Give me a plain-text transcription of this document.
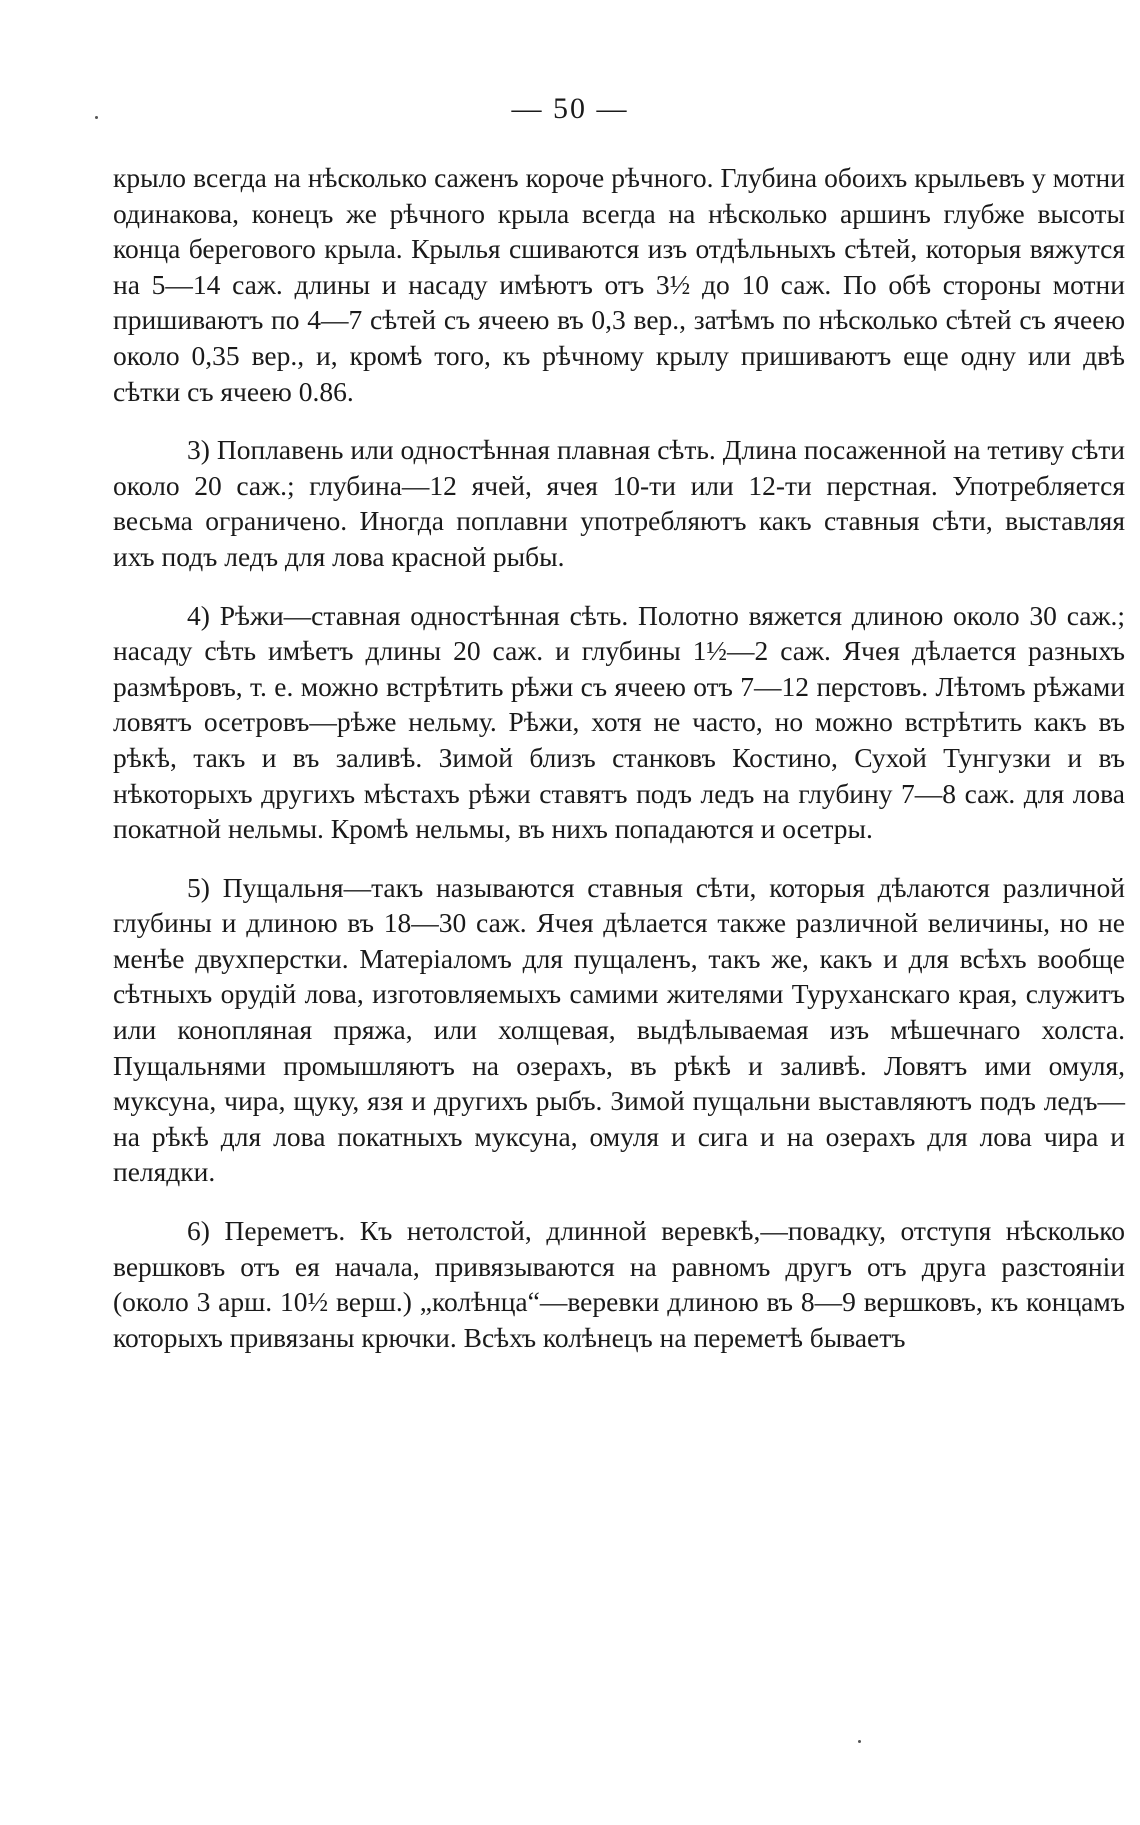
— 50 —

крыло всегда на нѣсколько саженъ короче рѣчного. Глубина обоихъ крыльевъ у мотни одинакова, конецъ же рѣчного крыла всегда на нѣсколько аршинъ глубже высоты конца берегового крыла. Крылья сшиваются изъ отдѣльныхъ сѣтей, которыя вяжутся на 5—14 саж. длины и насаду имѣютъ отъ 3½ до 10 саж. По обѣ стороны мотни пришиваютъ по 4—7 сѣтей съ ячеею въ 0,3 вер., затѣмъ по нѣсколько сѣтей съ ячеею около 0,35 вер., и, кромѣ того, къ рѣчному крылу пришиваютъ еще одну или двѣ сѣтки съ ячеею 0.86.

3) Поплавень или одностѣнная плавная сѣть. Длина посаженной на тетиву сѣти около 20 саж.; глубина—12 ячей, ячея 10-ти или 12-ти перстная. Употребляется весьма ограничено. Иногда поплавни употребляютъ какъ ставныя сѣти, выставляя ихъ подъ ледъ для лова красной рыбы.

4) Рѣжи—ставная одностѣнная сѣть. Полотно вяжется длиною около 30 саж.; насаду сѣть имѣетъ длины 20 саж. и глубины 1½—2 саж. Ячея дѣлается разныхъ размѣровъ, т. е. можно встрѣтить рѣжи съ ячеею отъ 7—12 перстовъ. Лѣтомъ рѣжами ловятъ осетровъ—рѣже нельму. Рѣжи, хотя не часто, но можно встрѣтить какъ въ рѣкѣ, такъ и въ заливѣ. Зимой близъ станковъ Костино, Сухой Тунгузки и въ нѣкоторыхъ другихъ мѣстахъ рѣжи ставятъ подъ ледъ на глубину 7—8 саж. для лова покатной нельмы. Кромѣ нельмы, въ нихъ попадаются и осетры.

5) Пущальня—такъ называются ставныя сѣти, которыя дѣлаются различной глубины и длиною въ 18—30 саж. Ячея дѣлается также различной величины, но не менѣе двухперстки. Матеріаломъ для пущаленъ, такъ же, какъ и для всѣхъ вообще сѣтныхъ орудій лова, изготовляемыхъ самими жителями Туруханскаго края, служитъ или конопляная пряжа, или холщевая, выдѣлываемая изъ мѣшечнаго холста. Пущальнями промышляютъ на озерахъ, въ рѣкѣ и заливѣ. Ловятъ ими омуля, муксуна, чира, щуку, язя и другихъ рыбъ. Зимой пущальни выставляютъ подъ ледъ—на рѣкѣ для лова покатныхъ муксуна, омуля и сига и на озерахъ для лова чира и пелядки.

6) Переметъ. Къ нетолстой, длинной веревкѣ,—повадку, отступя нѣсколько вершковъ отъ ея начала, привязываются на равномъ другъ отъ друга разстояніи (около 3 арш. 10½ верш.) „колѣнца“—веревки длиною въ 8—9 вершковъ, къ концамъ которыхъ привязаны крючки. Всѣхъ колѣнецъ на переметѣ бываетъ
